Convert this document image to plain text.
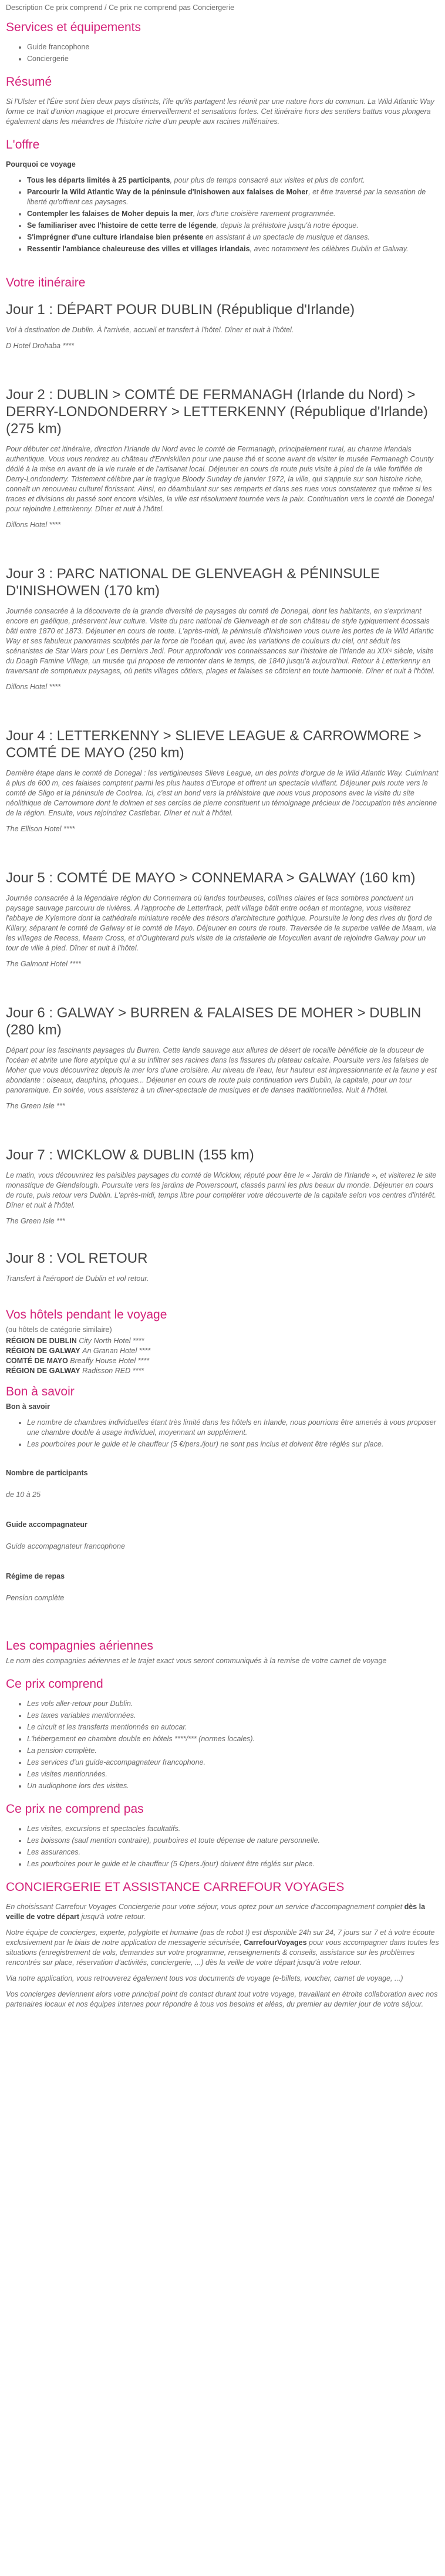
Description Ce prix comprend / Ce prix ne comprend pas Conciergerie
Services et équipements
• Guide francophone
• Conciergerie
Résumé

Si l'Ulster et l'Éire sont bien deux pays distincts, l'île qu'ils partagent les réunit par une nature hors du commun. La Wild Atlantic Way forme ce trait d'union magique et procure émerveillement et sensations fortes. Cet itinéraire hors des sentiers battus vous plongera également dans les méandres de l'histoire riche d'un peuple aux racines millénaires.

L'offre

Pourquoi ce voyage

• Tous les départs limités à 25 participants, pour plus de temps consacré aux visites et plus de confort.
• Parcourir la Wild Atlantic Way de la péninsule d'Inishowen aux falaises de Moher, et être traversé par la sensation de liberté qu'offrent ces paysages.
• Contempler les falaises de Moher depuis la mer, lors d'une croisière rarement programmée.
• Se familiariser avec l'histoire de cette terre de légende, depuis la préhistoire jusqu'à notre époque.
• S'imprégner d'une culture irlandaise bien présente en assistant à un spectacle de musique et danses.
• Ressentir l'ambiance chaleureuse des villes et villages irlandais, avec notamment les célèbres Dublin et Galway.
Votre itinéraire
Jour 1 : DÉPART POUR DUBLIN (République d'Irlande)

Vol à destination de Dublin. À l'arrivée, accueil et transfert à l'hôtel. Dîner et nuit à l'hôtel.

D Hotel Drohaba ****

Jour 2 : DUBLIN > COMTÉ DE FERMANAGH (Irlande du Nord) > DERRY-LONDONDERRY > LETTERKENNY (République d'Irlande) (275 km)

Pour débuter cet itinéraire, direction l'Irlande du Nord avec le comté de Fermanagh, principalement rural, au charme irlandais authentique. Vous vous rendrez au château d'Enniskillen pour une pause thé et scone avant de visiter le musée Fermanagh County dédié à la mise en avant de la vie rurale et de l'artisanat local. Déjeuner en cours de route puis visite à pied de la ville fortifiée de Derry-Londonderry. Tristement célèbre par le tragique Bloody Sunday de janvier 1972, la ville, qui s'appuie sur son histoire riche, connaît un renouveau culturel florissant. Ainsi, en déambulant sur ses remparts et dans ses rues vous constaterez que même si les traces et divisions du passé sont encore visibles, la ville est résolument tournée vers la paix. Continuation vers le comté de Donegal pour rejoindre Letterkenny. Dîner et nuit à l'hôtel.

Dillons Hotel ****

Jour 3 : PARC NATIONAL DE GLENVEAGH & PÉNINSULE D'INISHOWEN (170 km)

Journée consacrée à la découverte de la grande diversité de paysages du comté de Donegal, dont les habitants, en s'exprimant encore en gaélique, préservent leur culture. Visite du parc national de Glenveagh et de son château de style typiquement écossais bâti entre 1870 et 1873. Déjeuner en cours de route. L'après-midi, la péninsule d'Inishowen vous ouvre les portes de la Wild Atlantic Way et ses fabuleux panoramas sculptés par la force de l'océan qui, avec les variations de couleurs du ciel, ont séduit les scénaristes de Star Wars pour Les Derniers Jedi. Pour approfondir vos connaissances sur l'histoire de l'Irlande au XIXᵉ siècle, visite du Doagh Famine Village, un musée qui propose de remonter dans le temps, de 1840 jusqu'à aujourd'hui. Retour à Letterkenny en traversant de somptueux paysages, où petits villages côtiers, plages et falaises se côtoient en toute harmonie. Dîner et nuit à l'hôtel.

Dillons Hotel ****

Jour 4 : LETTERKENNY > SLIEVE LEAGUE & CARROWMORE > COMTÉ DE MAYO (250 km)

Dernière étape dans le comté de Donegal : les vertigineuses Slieve League, un des points d'orgue de la Wild Atlantic Way. Culminant à plus de 600 m, ces falaises comptent parmi les plus hautes d'Europe et offrent un spectacle vivifiant. Déjeuner puis route vers le comté de Sligo et la péninsule de Coolrea. Ici, c'est un bond vers la préhistoire que nous vous proposons avec la visite du site néolithique de Carrowmore dont le dolmen et ses cercles de pierre constituent un témoignage précieux de l'occupation très ancienne de la région. Ensuite, vous rejoindrez Castlebar. Dîner et nuit à l'hôtel.

The Ellison Hotel ****

Jour 5 : COMTÉ DE MAYO > CONNEMARA > GALWAY (160 km)

Journée consacrée à la légendaire région du Connemara où landes tourbeuses, collines claires et lacs sombres ponctuent un paysage sauvage parcouru de rivières. À l'approche de Letterfrack, petit village bâtit entre océan et montagne, vous visiterez l'abbaye de Kylemore dont la cathédrale miniature recèle des trésors d'architecture gothique. Poursuite le long des rives du fjord de Killary, séparant le comté de Galway et le comté de Mayo. Déjeuner en cours de route. Traversée de la superbe vallée de Maam, via les villages de Recess, Maam Cross, et d'Oughterard puis visite de la cristallerie de Moycullen avant de rejoindre Galway pour un tour de ville à pied. Dîner et nuit à l'hôtel.

The Galmont Hotel ****

Jour 6 : GALWAY > BURREN & FALAISES DE MOHER > DUBLIN (280 km)

Départ pour les fascinants paysages du Burren. Cette lande sauvage aux allures de désert de rocaille bénéficie de la douceur de l'océan et abrite une flore atypique qui a su infiltrer ses racines dans les fissures du plateau calcaire. Poursuite vers les falaises de Moher que vous découvrirez depuis la mer lors d'une croisière. Au niveau de l'eau, leur hauteur est impressionnante et la faune y est abondante : oiseaux, dauphins, phoques... Déjeuner en cours de route puis continuation vers Dublin, la capitale, pour un tour panoramique. En soirée, vous assisterez à un dîner-spectacle de musiques et de danses traditionnelles. Nuit à l'hôtel.

The Green Isle ***

Jour 7 : WICKLOW & DUBLIN (155 km)

Le matin, vous découvrirez les paisibles paysages du comté de Wicklow, réputé pour être le « Jardin de l'Irlande », et visiterez le site monastique de Glendalough. Poursuite vers les jardins de Powerscourt, classés parmi les plus beaux du monde. Déjeuner en cours de route, puis retour vers Dublin. L'après-midi, temps libre pour compléter votre découverte de la capitale selon vos centres d'intérêt. Dîner et nuit à l'hôtel.

The Green Isle ***

Jour 8 : VOL RETOUR

Transfert à l'aéroport de Dublin et vol retour.

Vos hôtels pendant le voyage

(ou hôtels de catégorie similaire)

RÉGION DE DUBLIN City North Hotel ****
RÉGION DE GALWAY An Granan Hotel ****
COMTÉ DE MAYO Breaffy House Hotel ****
RÉGION DE GALWAY Radisson RED ****
Bon à savoir

Bon à savoir

• Le nombre de chambres individuelles étant très limité dans les hôtels en Irlande, nous pourrions être amenés à vous proposer une chambre double à usage individuel, moyennant un supplément.
• Les pourboires pour le guide et le chauffeur (5 €/pers./jour) ne sont pas inclus et doivent être réglés sur place.

Nombre de participants

de 10 à 25

Guide accompagnateur

Guide accompagnateur francophone

Régime de repas

Pension complète

Les compagnies aériennes

Le nom des compagnies aériennes et le trajet exact vous seront communiqués à la remise de votre carnet de voyage

Ce prix comprend
• Les vols aller-retour pour Dublin.
• Les taxes variables mentionnées.
• Le circuit et les transferts mentionnés en autocar.
• L'hébergement en chambre double en hôtels ****/*** (normes locales).
• La pension complète.
• Les services d'un guide-accompagnateur francophone.
• Les visites mentionnées.
• Un audiophone lors des visites.
Ce prix ne comprend pas
• Les visites, excursions et spectacles facultatifs.
• Les boissons (sauf mention contraire), pourboires et toute dépense de nature personnelle.
• Les assurances.
• Les pourboires pour le guide et le chauffeur (5 €/pers./jour) doivent être réglés sur place.
CONCIERGERIE ET ASSISTANCE CARREFOUR VOYAGES

En choisissant Carrefour Voyages Conciergerie pour votre séjour, vous optez pour un service d'accompagnement complet dès la veille de votre départ jusqu'à votre retour.

Notre équipe de concierges, experte, polyglotte et humaine (pas de robot !) est disponible 24h sur 24, 7 jours sur 7 et à votre écoute exclusivement par le biais de notre application de messagerie sécurisée, CarrefourVoyages pour vous accompagner dans toutes les situations (enregistrement de vols, demandes sur votre programme, renseignements & conseils, assistance sur les problèmes rencontrés sur place, réservation d'activités, conciergerie, ...) dès la veille de votre départ jusqu'à votre retour.

Via notre application, vous retrouverez également tous vos documents de voyage (e-billets, voucher, carnet de voyage, ...)

Vos concierges deviennent alors votre principal point de contact durant tout votre voyage, travaillant en étroite collaboration avec nos partenaires locaux et nos équipes internes pour répondre à tous vos besoins et aléas, du premier au dernier jour de votre séjour.
